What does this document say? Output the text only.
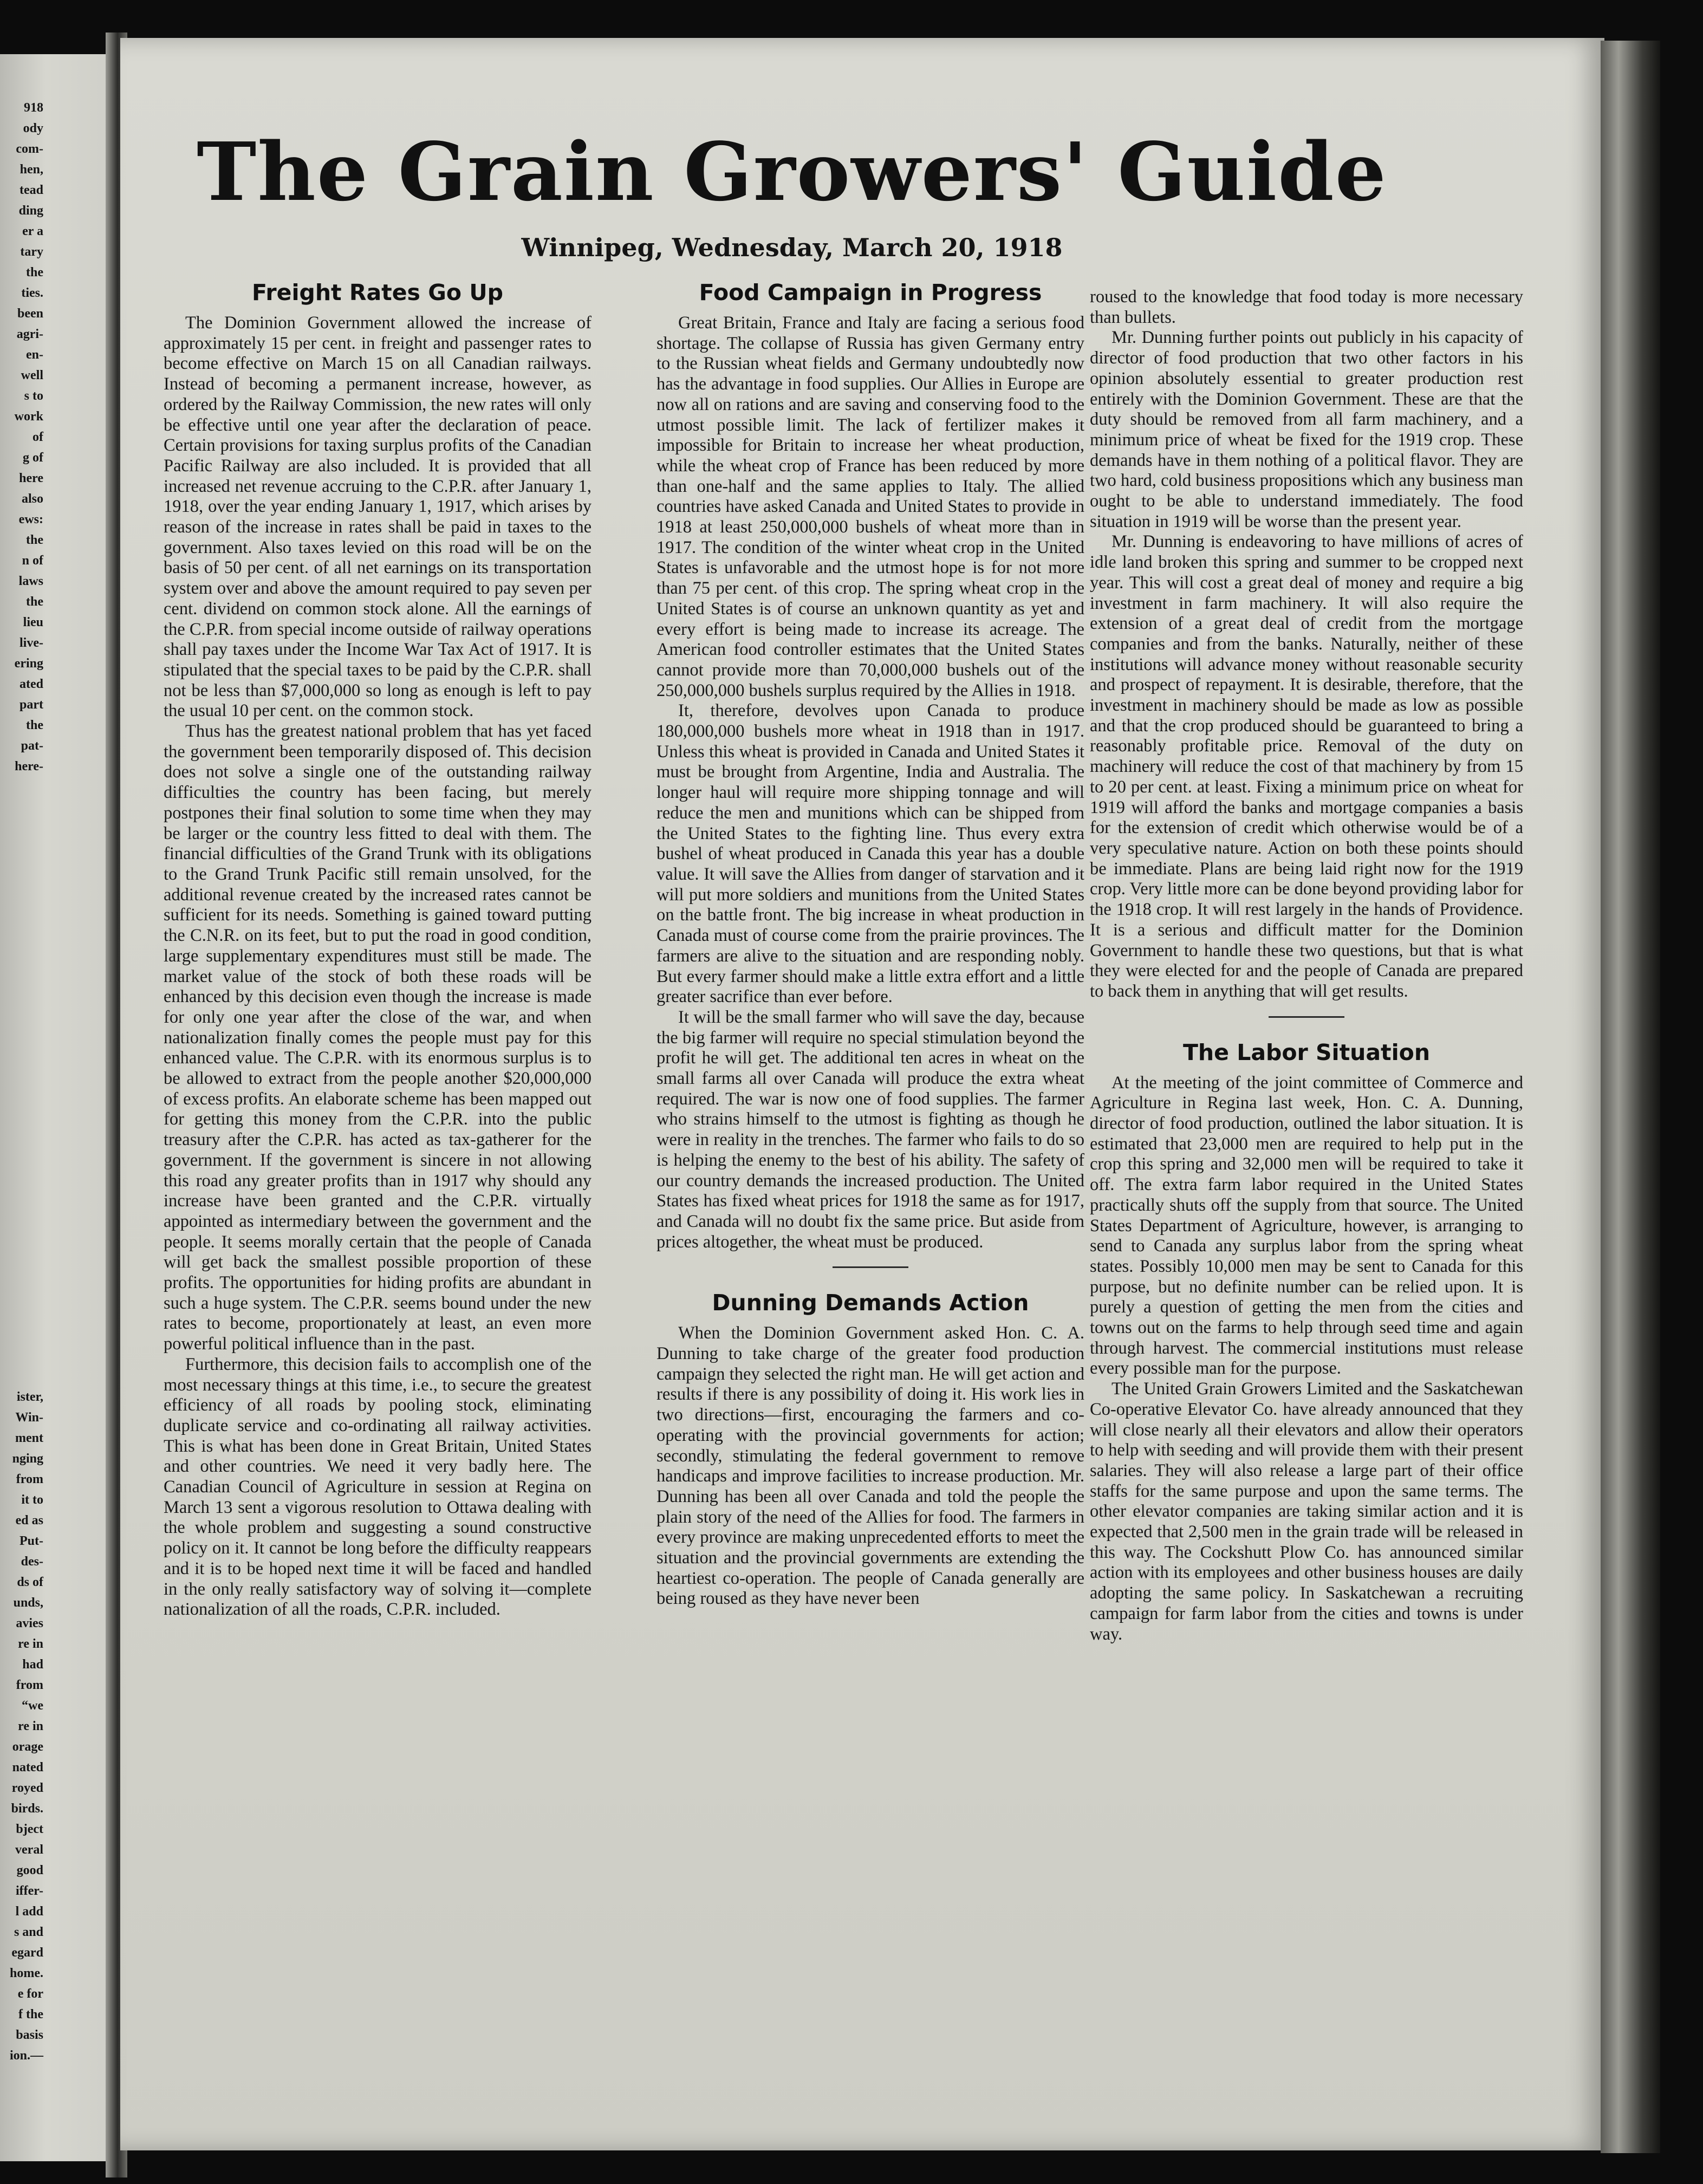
918
ody
com-
hen,
tead
ding
er a
tary
the
ties.
been
agri-
en-
well
s to
work
of
g of
here
also
ews:
the
n of
laws
the
lieu
live-
ering
ated
part
the
pat-
here-
ister,
Win-
ment
nging
from
it to
ed as
Put-
des-
ds of
unds,
avies
re in
had
from
“we
re in
orage
nated
royed
birds.
bject
veral
good
iffer-
l add
s and
egard
home.
e for
f the
basis
ion.—
The Grain Growers' Guide
Winnipeg, Wednesday, March 20, 1918
Freight Rates Go Up

The Dominion Government allowed the increase of approximately 15 per cent. in freight and passenger rates to become effective on March 15 on all Canadian railways. Instead of becoming a permanent increase, however, as ordered by the Railway Commission, the new rates will only be effective until one year after the declaration of peace. Certain provisions for taxing surplus profits of the Canadian Pacific Railway are also included. It is provided that all increased net revenue accruing to the C.P.R. after January 1, 1918, over the year ending January 1, 1917, which arises by reason of the increase in rates shall be paid in taxes to the government. Also taxes levied on this road will be on the basis of 50 per cent. of all net earnings on its transportation system over and above the amount required to pay seven per cent. dividend on common stock alone. All the earnings of the C.P.R. from special income outside of railway operations shall pay taxes under the Income War Tax Act of 1917. It is stipulated that the special taxes to be paid by the C.P.R. shall not be less than $7,000,000 so long as enough is left to pay the usual 10 per cent. on the common stock.

Thus has the greatest national problem that has yet faced the government been temporarily disposed of. This decision does not solve a single one of the outstanding railway difficulties the country has been facing, but merely postpones their final solution to some time when they may be larger or the country less fitted to deal with them. The financial difficulties of the Grand Trunk with its obligations to the Grand Trunk Pacific still remain unsolved, for the additional revenue created by the increased rates cannot be sufficient for its needs. Something is gained toward putting the C.N.R. on its feet, but to put the road in good condition, large supplementary expenditures must still be made. The market value of the stock of both these roads will be enhanced by this decision even though the increase is made for only one year after the close of the war, and when nationalization finally comes the people must pay for this enhanced value. The C.P.R. with its enormous surplus is to be allowed to extract from the people another $20,000,000 of excess profits. An elaborate scheme has been mapped out for getting this money from the C.P.R. into the public treasury after the C.P.R. has acted as tax-gatherer for the government. If the government is sincere in not allowing this road any greater profits than in 1917 why should any increase have been granted and the C.P.R. virtually appointed as intermediary between the government and the people. It seems morally certain that the people of Canada will get back the smallest possible proportion of these profits. The opportunities for hiding profits are abundant in such a huge system. The C.P.R. seems bound under the new rates to become, proportionately at least, an even more powerful political influence than in the past.

Furthermore, this decision fails to accomplish one of the most necessary things at this time, i.e., to secure the greatest efficiency of all roads by pooling stock, eliminating duplicate service and co-ordinating all railway activities. This is what has been done in Great Britain, United States and other countries. We need it very badly here. The Canadian Council of Agriculture in session at Regina on March 13 sent a vigorous resolution to Ottawa dealing with the whole problem and suggesting a sound constructive policy on it. It cannot be long before the difficulty reappears and it is to be hoped next time it will be faced and handled in the only really satisfactory way of solving it—complete nationalization of all the roads, C.P.R. included.

Food Campaign in Progress

Great Britain, France and Italy are facing a serious food shortage. The collapse of Russia has given Germany entry to the Russian wheat fields and Germany undoubtedly now has the advantage in food supplies. Our Allies in Europe are now all on rations and are saving and conserving food to the utmost possible limit. The lack of fertilizer makes it impossible for Britain to increase her wheat production, while the wheat crop of France has been reduced by more than one-half and the same applies to Italy. The allied countries have asked Canada and United States to provide in 1918 at least 250,000,000 bushels of wheat more than in 1917. The condition of the winter wheat crop in the United States is unfavorable and the utmost hope is for not more than 75 per cent. of this crop. The spring wheat crop in the United States is of course an unknown quantity as yet and every effort is being made to increase its acreage. The American food controller estimates that the United States cannot provide more than 70,000,000 bushels out of the 250,000,000 bushels surplus required by the Allies in 1918.

It, therefore, devolves upon Canada to produce 180,000,000 bushels more wheat in 1918 than in 1917. Unless this wheat is provided in Canada and United States it must be brought from Argentine, India and Australia. The longer haul will require more shipping tonnage and will reduce the men and munitions which can be shipped from the United States to the fighting line. Thus every extra bushel of wheat produced in Canada this year has a double value. It will save the Allies from danger of starvation and it will put more soldiers and munitions from the United States on the battle front. The big increase in wheat production in Canada must of course come from the prairie provinces. The farmers are alive to the situation and are responding nobly. But every farmer should make a little extra effort and a little greater sacrifice than ever before.

It will be the small farmer who will save the day, because the big farmer will require no special stimulation beyond the profit he will get. The additional ten acres in wheat on the small farms all over Canada will produce the extra wheat required. The war is now one of food supplies. The farmer who strains himself to the utmost is fighting as though he were in reality in the trenches. The farmer who fails to do so is helping the enemy to the best of his ability. The safety of our country demands the increased production. The United States has fixed wheat prices for 1918 the same as for 1917, and Canada will no doubt fix the same price. But aside from prices altogether, the wheat must be produced.

Dunning Demands Action

When the Dominion Government asked Hon. C. A. Dunning to take charge of the greater food production campaign they selected the right man. He will get action and results if there is any possibility of doing it. His work lies in two directions—first, encouraging the farmers and co-operating with the provincial governments for action; secondly, stimulating the federal government to remove handicaps and improve facilities to increase production. Mr. Dunning has been all over Canada and told the people the plain story of the need of the Allies for food. The farmers in every province are making unprecedented efforts to meet the situation and the provincial governments are extending the heartiest co-operation. The people of Canada generally are being roused as they have never been

roused to the knowledge that food today is more necessary than bullets.

Mr. Dunning further points out publicly in his capacity of director of food production that two other factors in his opinion absolutely essential to greater production rest entirely with the Dominion Government. These are that the duty should be removed from all farm machinery, and a minimum price of wheat be fixed for the 1919 crop. These demands have in them nothing of a political flavor. They are two hard, cold business propositions which any business man ought to be able to understand immediately. The food situation in 1919 will be worse than the present year.

Mr. Dunning is endeavoring to have millions of acres of idle land broken this spring and summer to be cropped next year. This will cost a great deal of money and require a big investment in farm machinery. It will also require the extension of a great deal of credit from the mortgage companies and from the banks. Naturally, neither of these institutions will advance money without reasonable security and prospect of repayment. It is desirable, therefore, that the investment in machinery should be made as low as possible and that the crop produced should be guaranteed to bring a reasonably profitable price. Removal of the duty on machinery will reduce the cost of that machinery by from 15 to 20 per cent. at least. Fixing a minimum price on wheat for 1919 will afford the banks and mortgage companies a basis for the extension of credit which otherwise would be of a very speculative nature. Action on both these points should be immediate. Plans are being laid right now for the 1919 crop. Very little more can be done beyond providing labor for the 1918 crop. It will rest largely in the hands of Providence. It is a serious and difficult matter for the Dominion Government to handle these two questions, but that is what they were elected for and the people of Canada are prepared to back them in anything that will get results.

The Labor Situation

At the meeting of the joint committee of Commerce and Agriculture in Regina last week, Hon. C. A. Dunning, director of food production, outlined the labor situation. It is estimated that 23,000 men are required to help put in the crop this spring and 32,000 men will be required to take it off. The extra farm labor required in the United States practically shuts off the supply from that source. The United States Department of Agriculture, however, is arranging to send to Canada any surplus labor from the spring wheat states. Possibly 10,000 men may be sent to Canada for this purpose, but no definite number can be relied upon. It is purely a question of getting the men from the cities and towns out on the farms to help through seed time and again through harvest. The commercial institutions must release every possible man for the purpose.

The United Grain Growers Limited and the Saskatchewan Co-operative Elevator Co. have already announced that they will close nearly all their elevators and allow their operators to help with seeding and will provide them with their present salaries. They will also release a large part of their office staffs for the same purpose and upon the same terms. The other elevator companies are taking similar action and it is expected that 2,500 men in the grain trade will be released in this way. The Cockshutt Plow Co. has announced similar action with its employees and other business houses are daily adopting the same policy. In Saskatchewan a recruiting campaign for farm labor from the cities and towns is under way.
